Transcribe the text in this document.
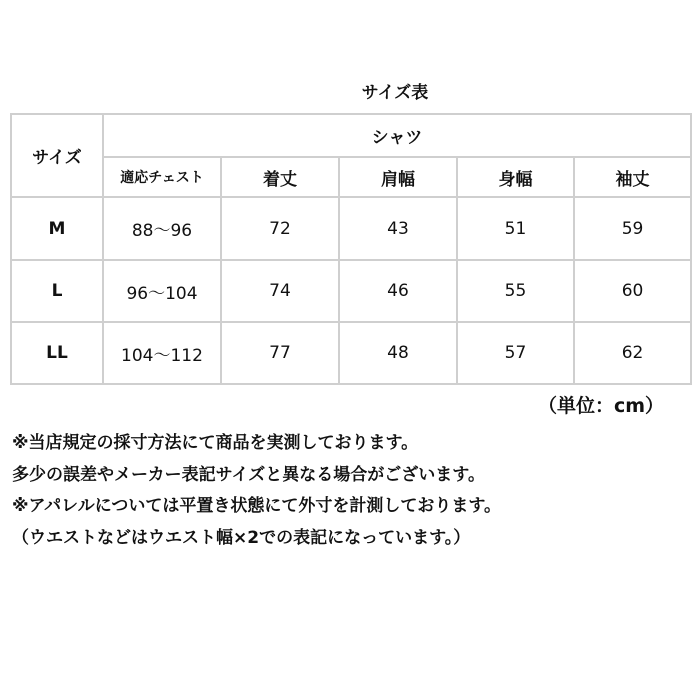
サイズ表
サイズ	シャツ				
	適応チェスト	着丈	肩幅	身幅	袖丈
M	88〜96	72	43	51	59
L	96〜104	74	46	55	60
LL	104〜112	77	48	57	62
（単位：cm）
※当店規定の採寸方法にて商品を実測しております。
多少の誤差やメーカー表記サイズと異なる場合がございます。
※アパレルについては平置き状態にて外寸を計測しております。
（ウエストなどはウエスト幅×2での表記になっています。）
